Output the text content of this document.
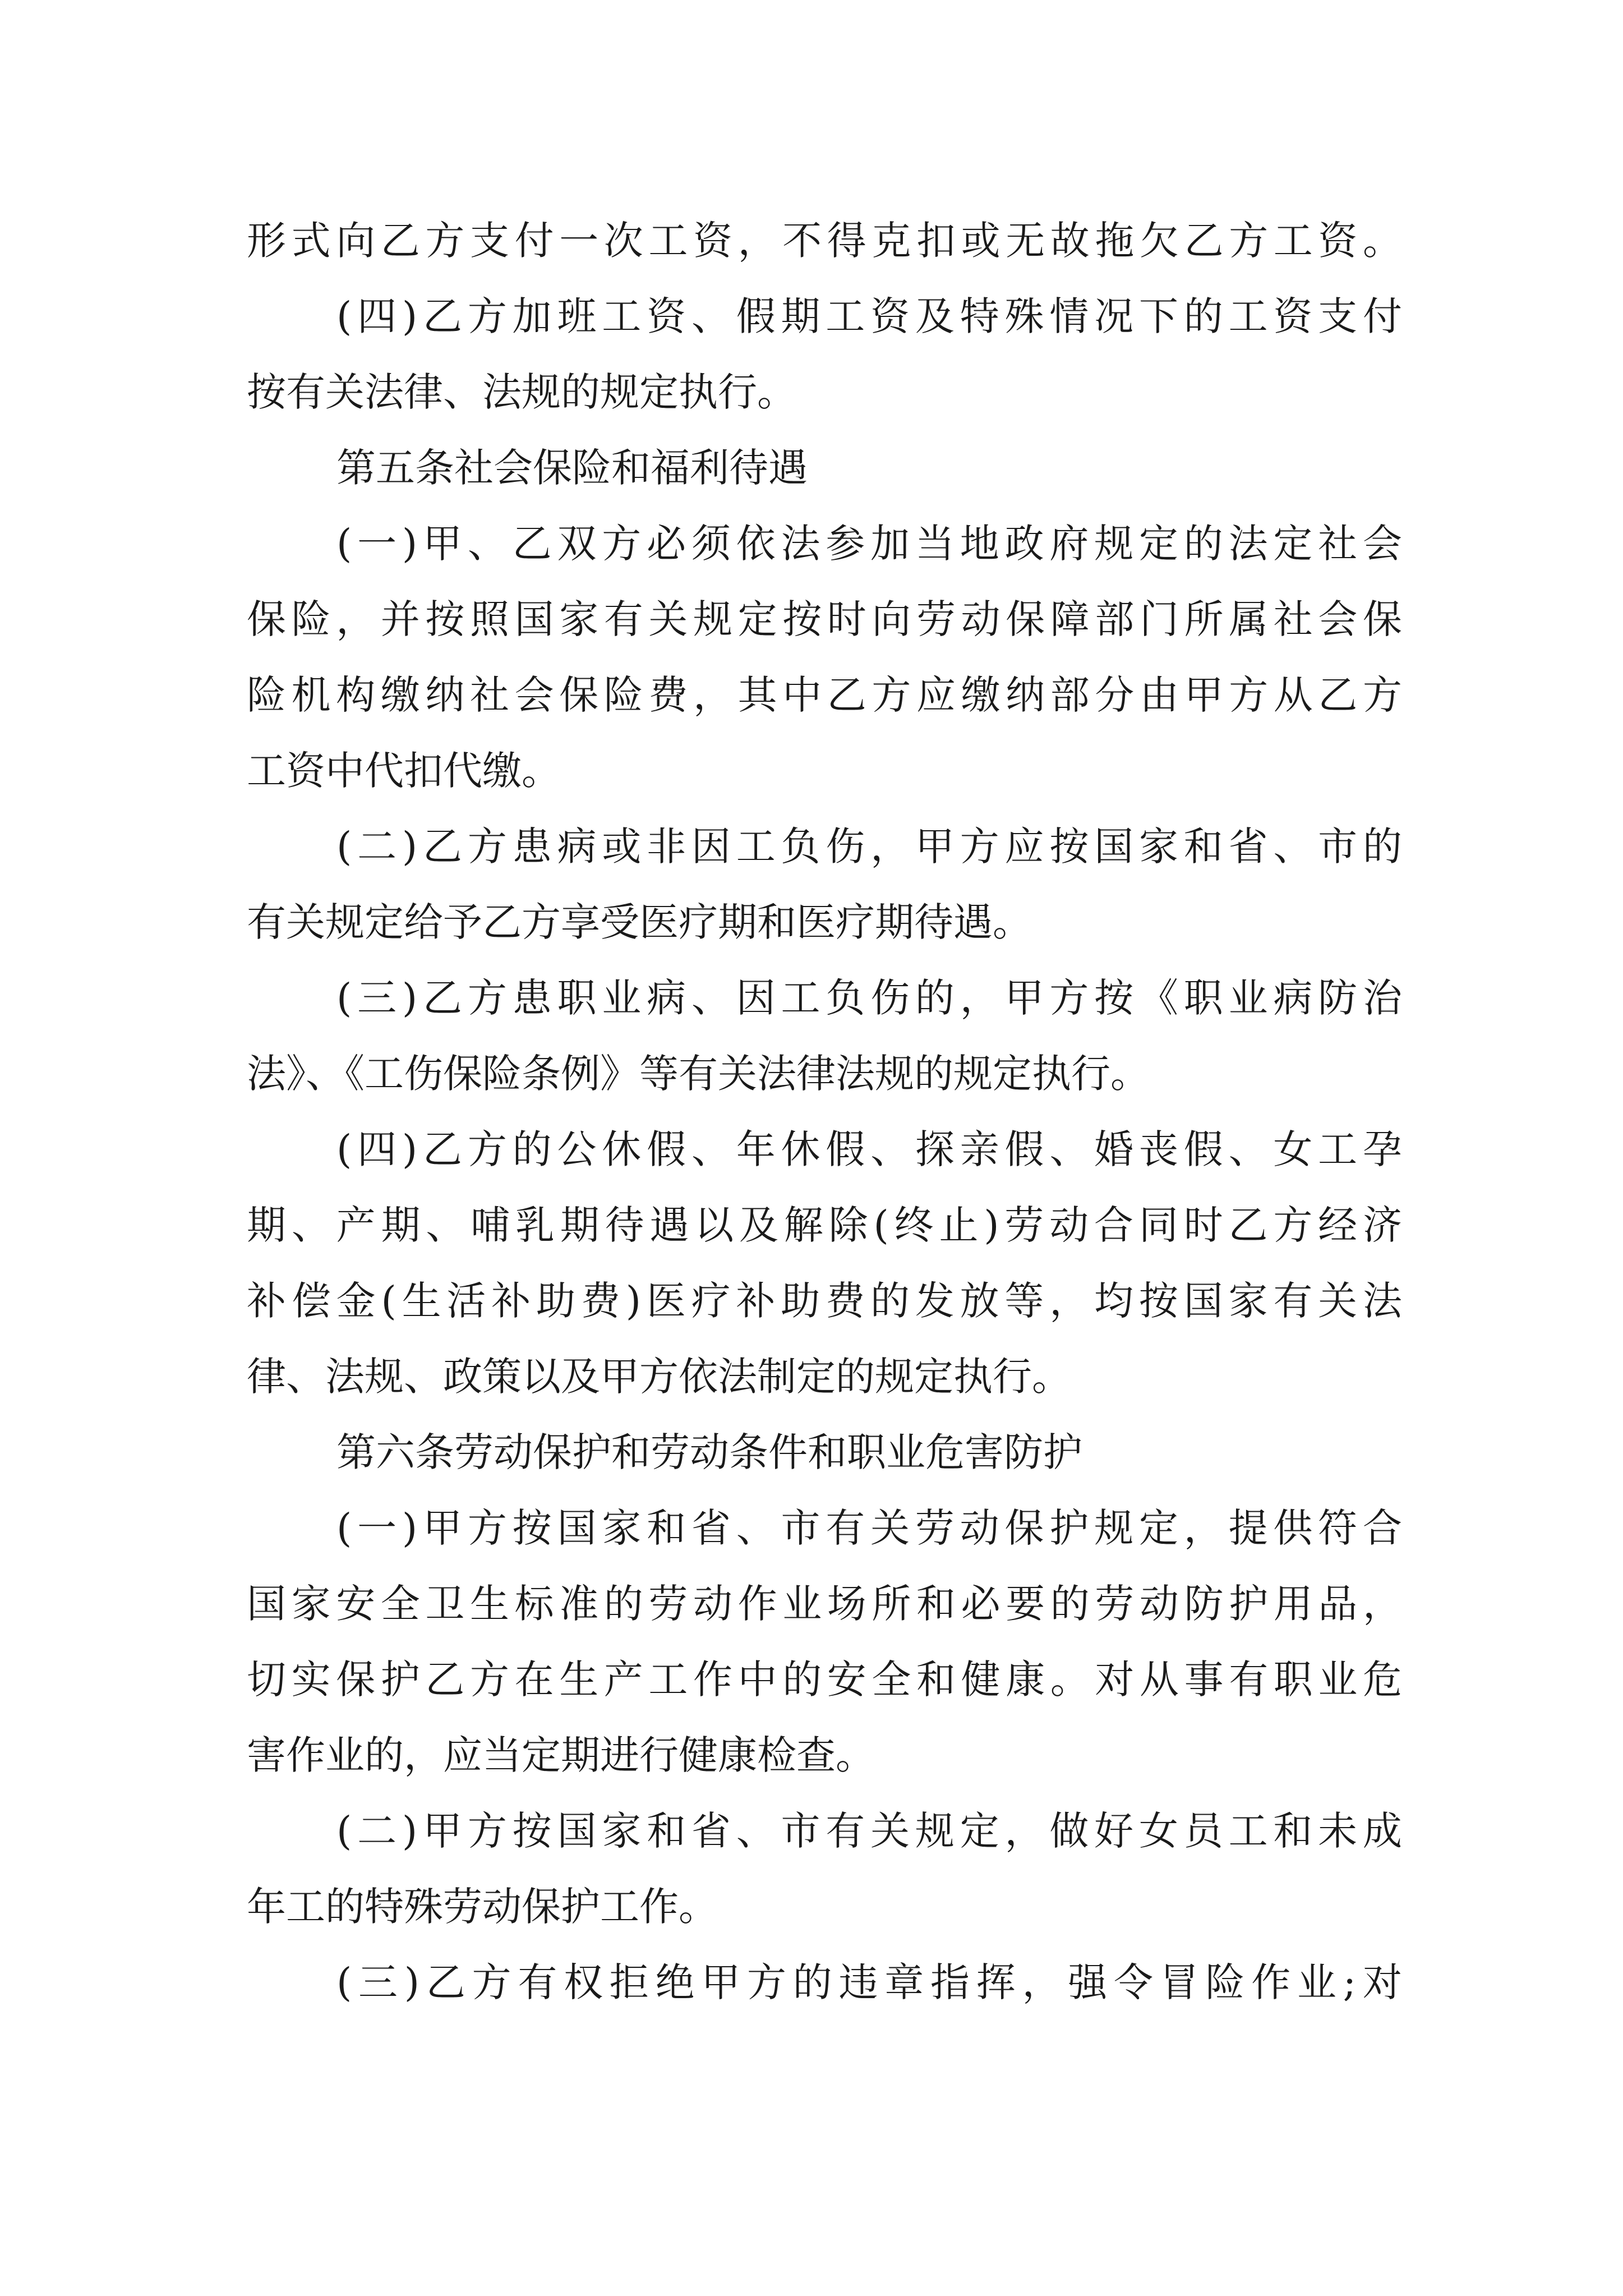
形式向乙方支付一次工资，不得克扣或无故拖欠乙方工资。
(四)乙方加班工资、假期工资及特殊情况下的工资支付
按有关法律、法规的规定执行。
第五条社会保险和福利待遇
(一)甲、乙双方必须依法参加当地政府规定的法定社会
保险，并按照国家有关规定按时向劳动保障部门所属社会保
险机构缴纳社会保险费，其中乙方应缴纳部分由甲方从乙方
工资中代扣代缴。
(二)乙方患病或非因工负伤，甲方应按国家和省、市的
有关规定给予乙方享受医疗期和医疗期待遇。
(三)乙方患职业病、因工负伤的，甲方按《职业病防治
法》、《工伤保险条例》等有关法律法规的规定执行。
(四)乙方的公休假、年休假、探亲假、婚丧假、女工孕
期、产期、哺乳期待遇以及解除(终止)劳动合同时乙方经济
补偿金(生活补助费)医疗补助费的发放等，均按国家有关法
律、法规、政策以及甲方依法制定的规定执行。
第六条劳动保护和劳动条件和职业危害防护
(一)甲方按国家和省、市有关劳动保护规定，提供符合
国家安全卫生标准的劳动作业场所和必要的劳动防护用品，
切实保护乙方在生产工作中的安全和健康。对从事有职业危
害作业的，应当定期进行健康检查。
(二)甲方按国家和省、市有关规定，做好女员工和未成
年工的特殊劳动保护工作。
(三)乙方有权拒绝甲方的违章指挥，强令冒险作业;对
